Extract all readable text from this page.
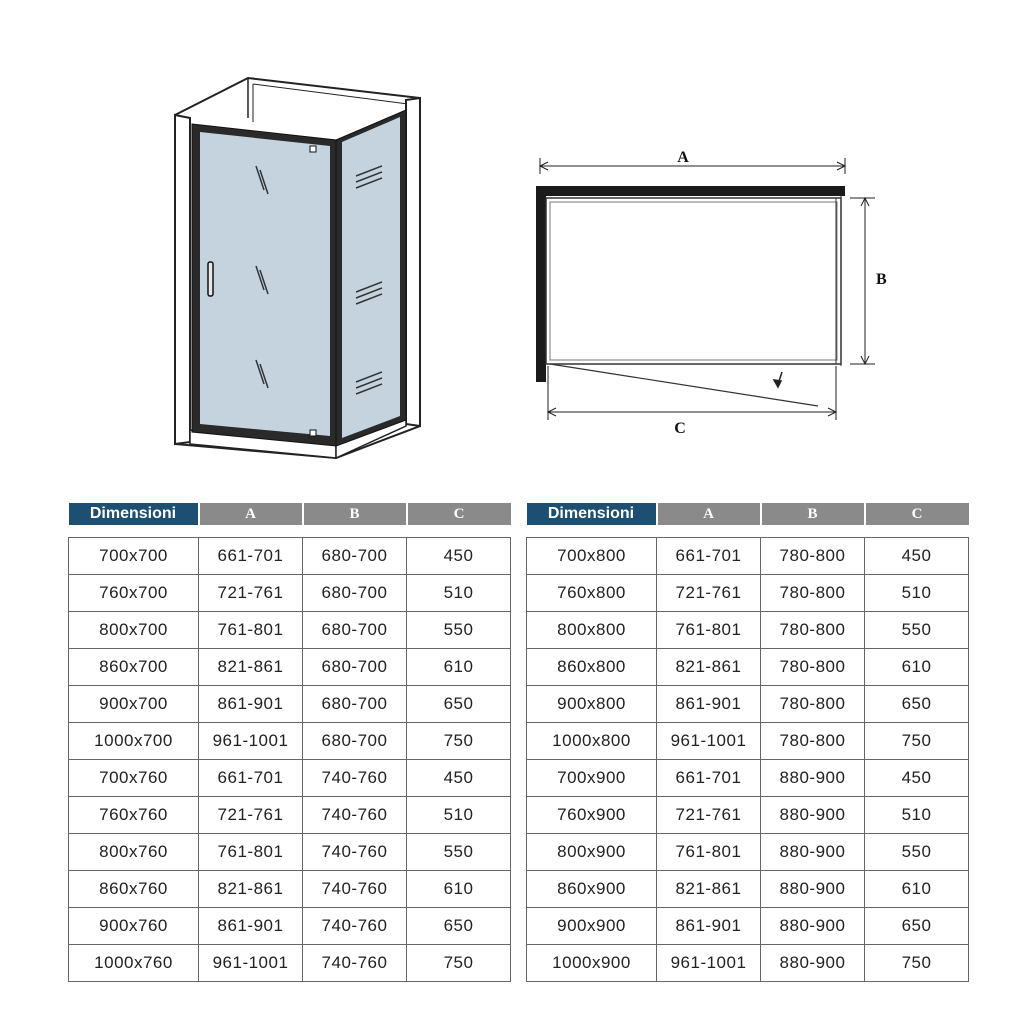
A
B
C
Dimensioni	A	B	C

700x700	661-701	680-700	450
760x700	721-761	680-700	510
800x700	761-801	680-700	550
860x700	821-861	680-700	610
900x700	861-901	680-700	650
1000x700	961-1001	680-700	750
700x760	661-701	740-760	450
760x760	721-761	740-760	510
800x760	761-801	740-760	550
860x760	821-861	740-760	610
900x760	861-901	740-760	650
1000x760	961-1001	740-760	750
Dimensioni	A	B	C

700x800	661-701	780-800	450
760x800	721-761	780-800	510
800x800	761-801	780-800	550
860x800	821-861	780-800	610
900x800	861-901	780-800	650
1000x800	961-1001	780-800	750
700x900	661-701	880-900	450
760x900	721-761	880-900	510
800x900	761-801	880-900	550
860x900	821-861	880-900	610
900x900	861-901	880-900	650
1000x900	961-1001	880-900	750
